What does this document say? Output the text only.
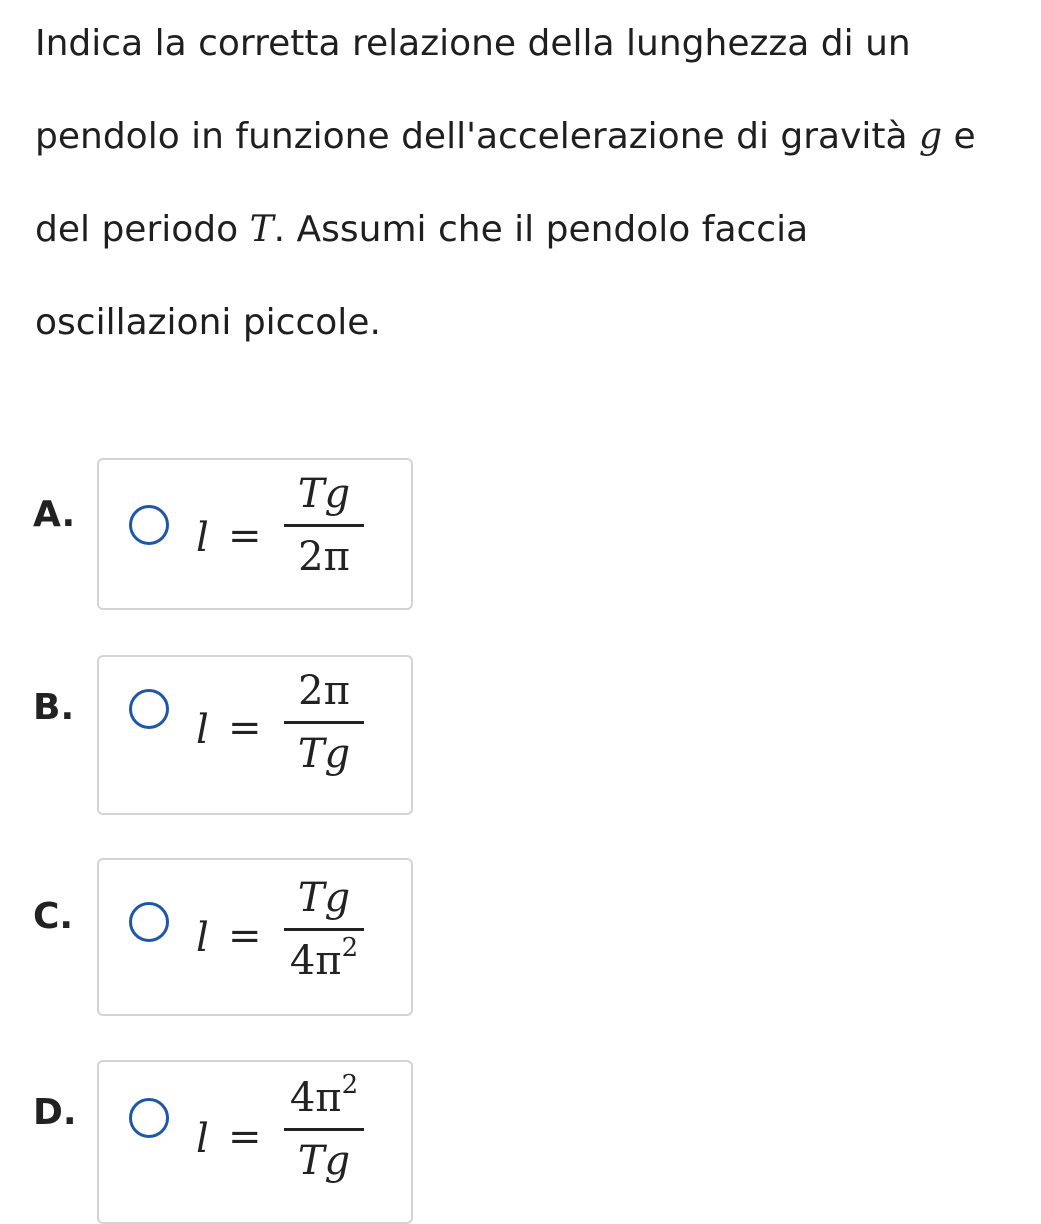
Indica la corretta relazione della lunghezza di un
pendolo in funzione dell'accelerazione di gravità g e
del periodo T. Assumi che il pendolo faccia
oscillazioni piccole.
A.
l =
Tg
2π
B.	l =
2π
Tg
C.	l =
Tg
$4\pi^2$
D.
l =
$4\pi^2$
Tg
